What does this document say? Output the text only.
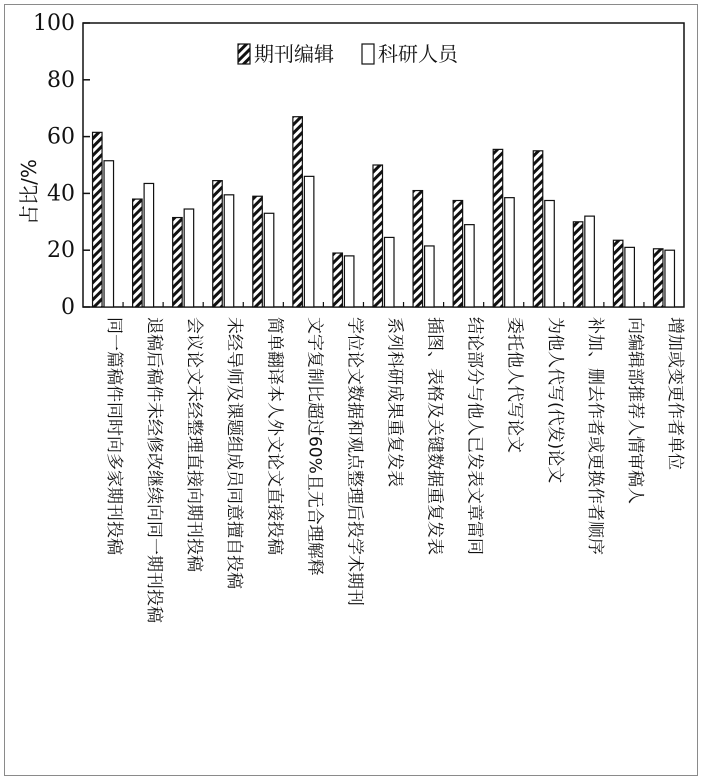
0
20
40
60
80
100
占比/%
同一篇稿件同时向多家期刊投稿 退稿后稿件未经修改继续向同一期刊投稿 会议论文未经整理直接向期刊投稿 未经导师及课题组成员同意擅自投稿 简单翻译本人外文论文直接投稿 文字复制比超过60%且无合理解释 学位论文数据和观点整理后投学术期刊 系列科研成果重复发表 插图、表格及关键数据重复发表 结论部分与他人已发表文章雷同 委托他人代写论文 为他人代写(代发)论文 补加、删去作者或更换作者顺序 向编辑部推荐人情审稿人 增加或变更作者单位
期刊编辑 科研人员
